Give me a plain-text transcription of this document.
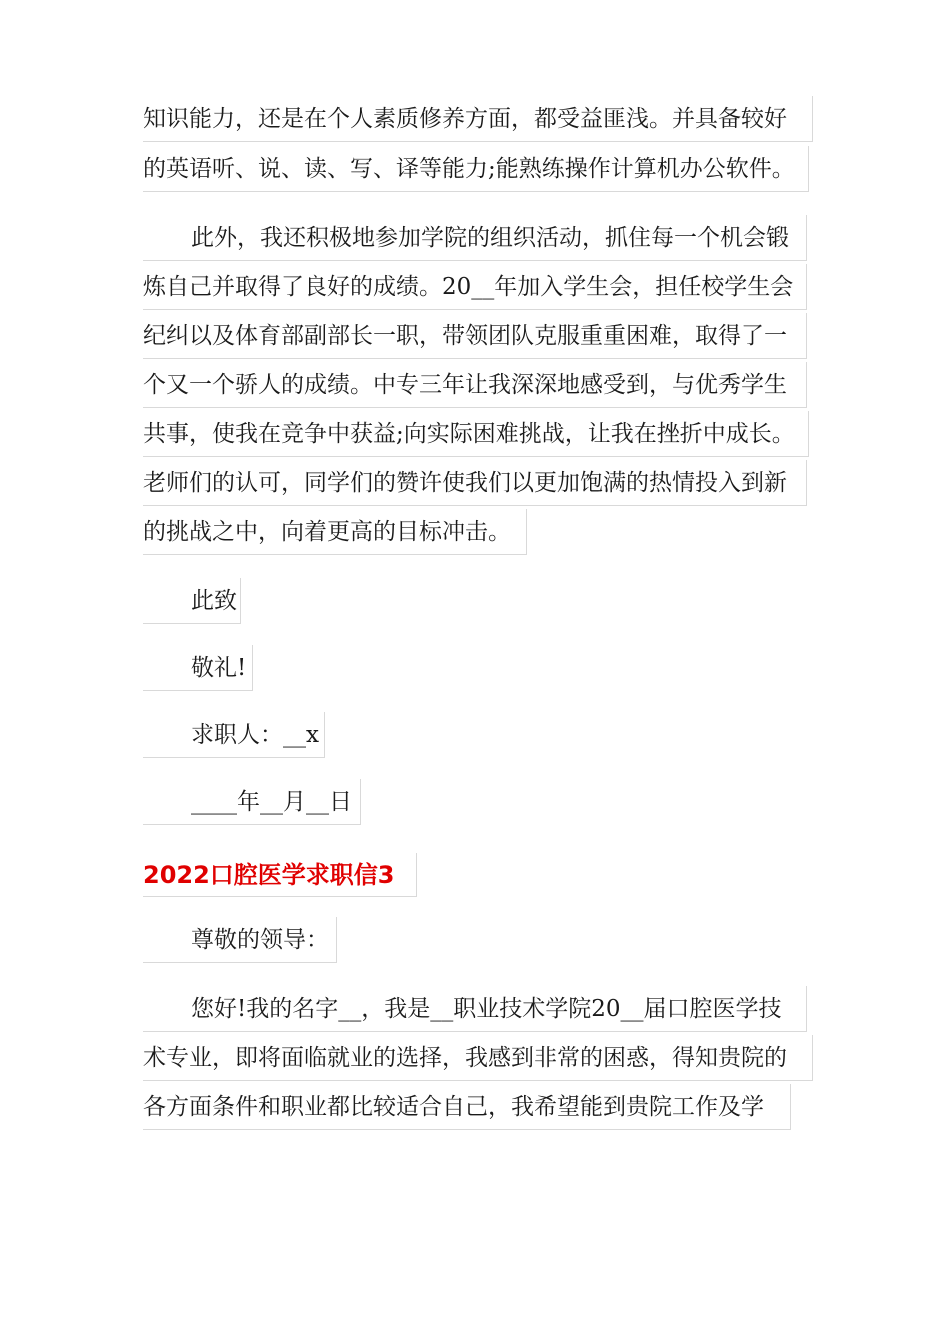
知识能力，还是在个人素质修养方面，都受益匪浅。并具备较好
的英语听、说、读、写、译等能力;能熟练操作计算机办公软件。
此外，我还积极地参加学院的组织活动，抓住每一个机会锻
炼自己并取得了良好的成绩。20__年加入学生会，担任校学生会
纪纠以及体育部副部长一职，带领团队克服重重困难，取得了一
个又一个骄人的成绩。中专三年让我深深地感受到，与优秀学生
共事，使我在竞争中获益;向实际困难挑战，让我在挫折中成长。
老师们的认可，同学们的赞许使我们以更加饱满的热情投入到新
的挑战之中，向着更高的目标冲击。
此致
敬礼!
求职人：__x
____年__月__日
2022口腔医学求职信3
尊敬的领导：
您好!我的名字__，我是__职业技术学院20__届口腔医学技
术专业，即将面临就业的选择，我感到非常的困惑，得知贵院的
各方面条件和职业都比较适合自己，我希望能到贵院工作及学
